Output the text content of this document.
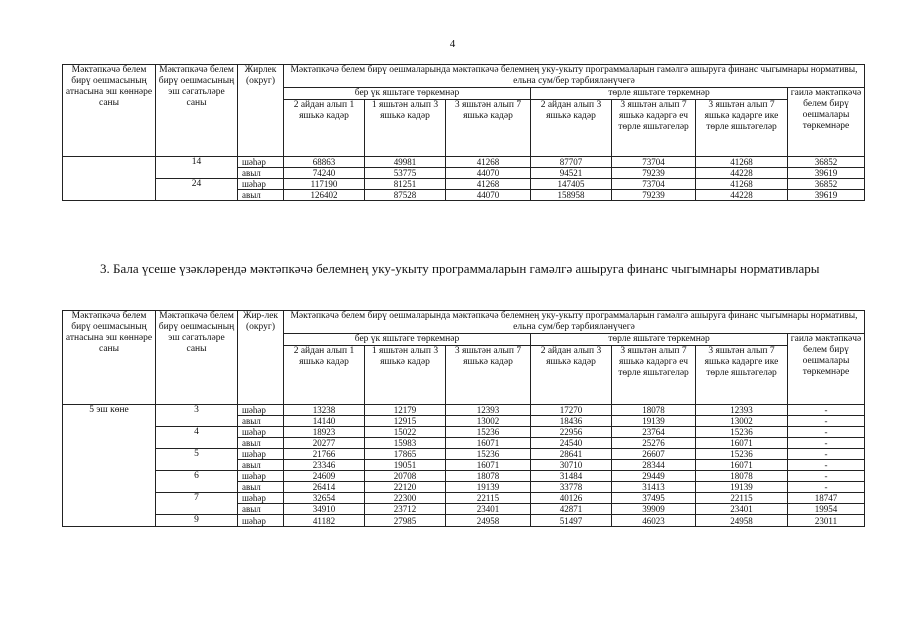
4
Мәктәпкәчә белем бирү оешмасының атнасына эш көннәре саны	Мәктәпкәчә белем бирү оешмасының эш сәгатьләре саны	Жирлек (округ)	Мәктәпкәчә белем бирү оешмаларында мәктәпкәчә белемнең уку-укыту программаларын гамәлгә ашыруга финанс чыгымнары нормативы, ельна сум/бер тәрбияләнүчегә						
			бер үк яшьтәге төркемнәр			төрле яшьтәге төркемнәр			гаилә мәктәпкәчә белем бирү оешмалары төркемнәре
			2 айдан алып 1 яшькә кадәр	1 яшьтән алып 3 яшькә кадәр	3 яшьтән алып 7 яшькә кадәр	2 айдан алып 3 яшькә кадәр	3 яшьтән алып 7 яшькә кадәргә еч төрле яшьтәгеләр	3 яшьтән алып 7 яшькә кадәрге ике төрле яшьтәгеләр	
	14	шәһәр	68863	49981	41268	87707	73704	41268	36852
		авыл	74240	53775	44070	94521	79239	44228	39619
	24	шәһәр	117190	81251	41268	147405	73704	41268	36852
		авыл	126402	87528	44070	158958	79239	44228	39619
3. Бала үсеше үзәкләрендә мәктәпкәчә белемнең уку-укыту программаларын гамәлгә ашыруга финанс чыгымнары нормативлары
Мәктәпкәчә белем бирү оешмасының атнасына эш көннәре саны	Мәктәпкәчә белем бирү оешмасының эш сәгатьләре саны	Жир-лек (округ)	Мәктәпкәчә белем бирү оешмаларында мәктәпкәчә белемнең уку-укыту программаларын гамәлгә ашыруга финанс чыгымнары нормативы, ельна сум/бер тәрбияләнүчегә						
			бер үк яшьтәге төркемнәр			төрле яшьтәге төркемнәр			гаилә мәктәпкәчә белем бирү оешмалары төркемнәре
			2 айдан алып 1 яшькә кадәр	1 яшьтән алып 3 яшькә кадәр	3 яшьтән алып 7 яшькә кадәр	2 айдан алып 3 яшькә кадәр	3 яшьтән алып 7 яшькә кадәргә еч төрле яшьтәгеләр	3 яшьтән алып 7 яшькә кадәрге ике төрле яшьтәгеләр	
5 эш көне	3	шәһәр	13238	12179	12393	17270	18078	12393	-
		авыл	14140	12915	13002	18436	19139	13002	-
	4	шәһәр	18923	15022	15236	22956	23764	15236	-
		авыл	20277	15983	16071	24540	25276	16071	-
	5	шәһәр	21766	17865	15236	28641	26607	15236	-
		авыл	23346	19051	16071	30710	28344	16071	-
	6	шәһәр	24609	20708	18078	31484	29449	18078	-
		авыл	26414	22120	19139	33778	31413	19139	-
	7	шәһәр	32654	22300	22115	40126	37495	22115	18747
		авыл	34910	23712	23401	42871	39909	23401	19954
	9	шәһәр	41182	27985	24958	51497	46023	24958	23011
